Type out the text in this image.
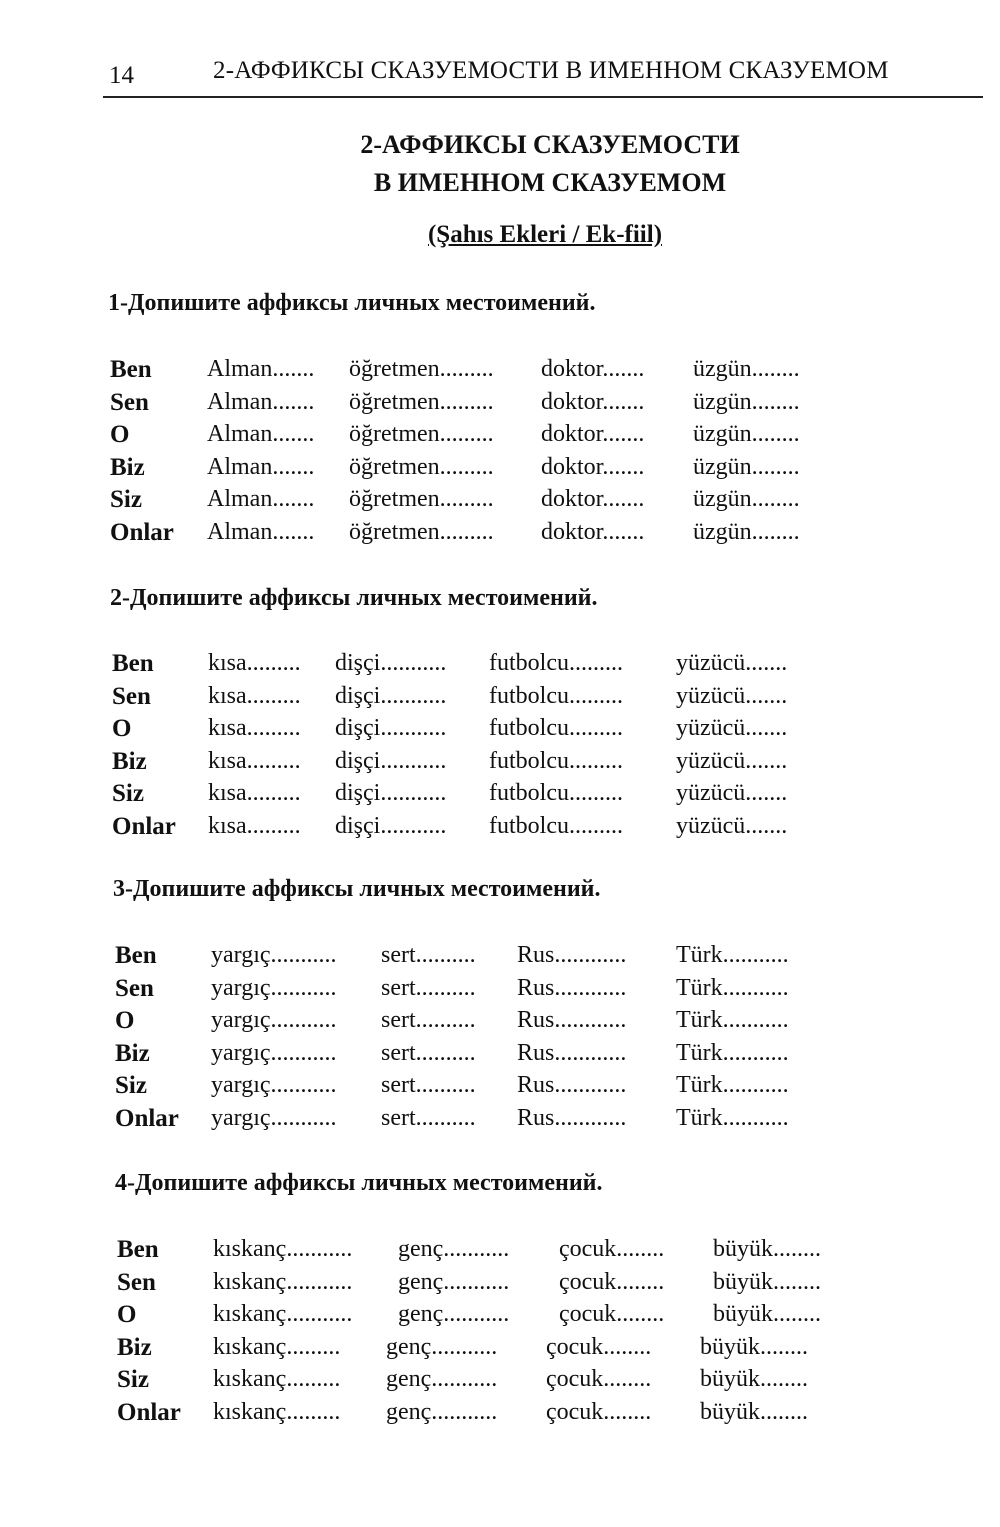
14	2-АФФИКСЫ СКАЗУЕМОСТИ В ИМЕННОМ СКАЗУЕМОМ
2-АФФИКСЫ СКАЗУЕМОСТИ
В ИМЕННОМ СКАЗУЕМОМ
(Şahıs Ekleri / Ek-fiil)
1-Допишите аффиксы личных местоимений.
Ben Alman....... öğretmen......... doktor....... üzgün........
Sen Alman....... öğretmen......... doktor....... üzgün........
O	Alman....... öğretmen......... doktor....... üzgün........
Biz	Alman....... öğretmen......... doktor....... üzgün........
Siz	Alman....... öğretmen......... doktor....... üzgün........
Onlar Alman....... öğretmen......... doktor....... üzgün........
2-Допишите аффиксы личных местоимений.
Ben kısa......... dişçi........... futbolcu......... yüzücü.......
Sen kısa......... dişçi........... futbolcu......... yüzücü.......
O	kısa......... dişçi........... futbolcu......... yüzücü.......
Biz	kısa......... dişçi........... futbolcu......... yüzücü.......
Siz	kısa......... dişçi........... futbolcu......... yüzücü.......
Onlar kısa......... dişçi........... futbolcu......... yüzücü.......
3-Допишите аффиксы личных местоимений.
Ben yargıç........... sert.......... Rus............ Türk...........
Sen yargıç........... sert.......... Rus............ Türk...........
O	yargıç........... sert.......... Rus............ Türk...........
Biz	yargıç........... sert.......... Rus............ Türk...........
Siz	yargıç........... sert.......... Rus............ Türk...........
Onlar yargıç........... sert.......... Rus............ Türk...........
4-Допишите аффиксы личных местоимений.
Ben kıskanç........... genç........... çocuk........ büyük........
Sen kıskanç........... genç........... çocuk........ büyük........
O	kıskanç........... genç........... çocuk........ büyük........
Biz	kıskanç......... genç........... çocuk........ büyük........
Siz	kıskanç......... genç........... çocuk........ büyük........
Onlar kıskanç......... genç........... çocuk........ büyük........
